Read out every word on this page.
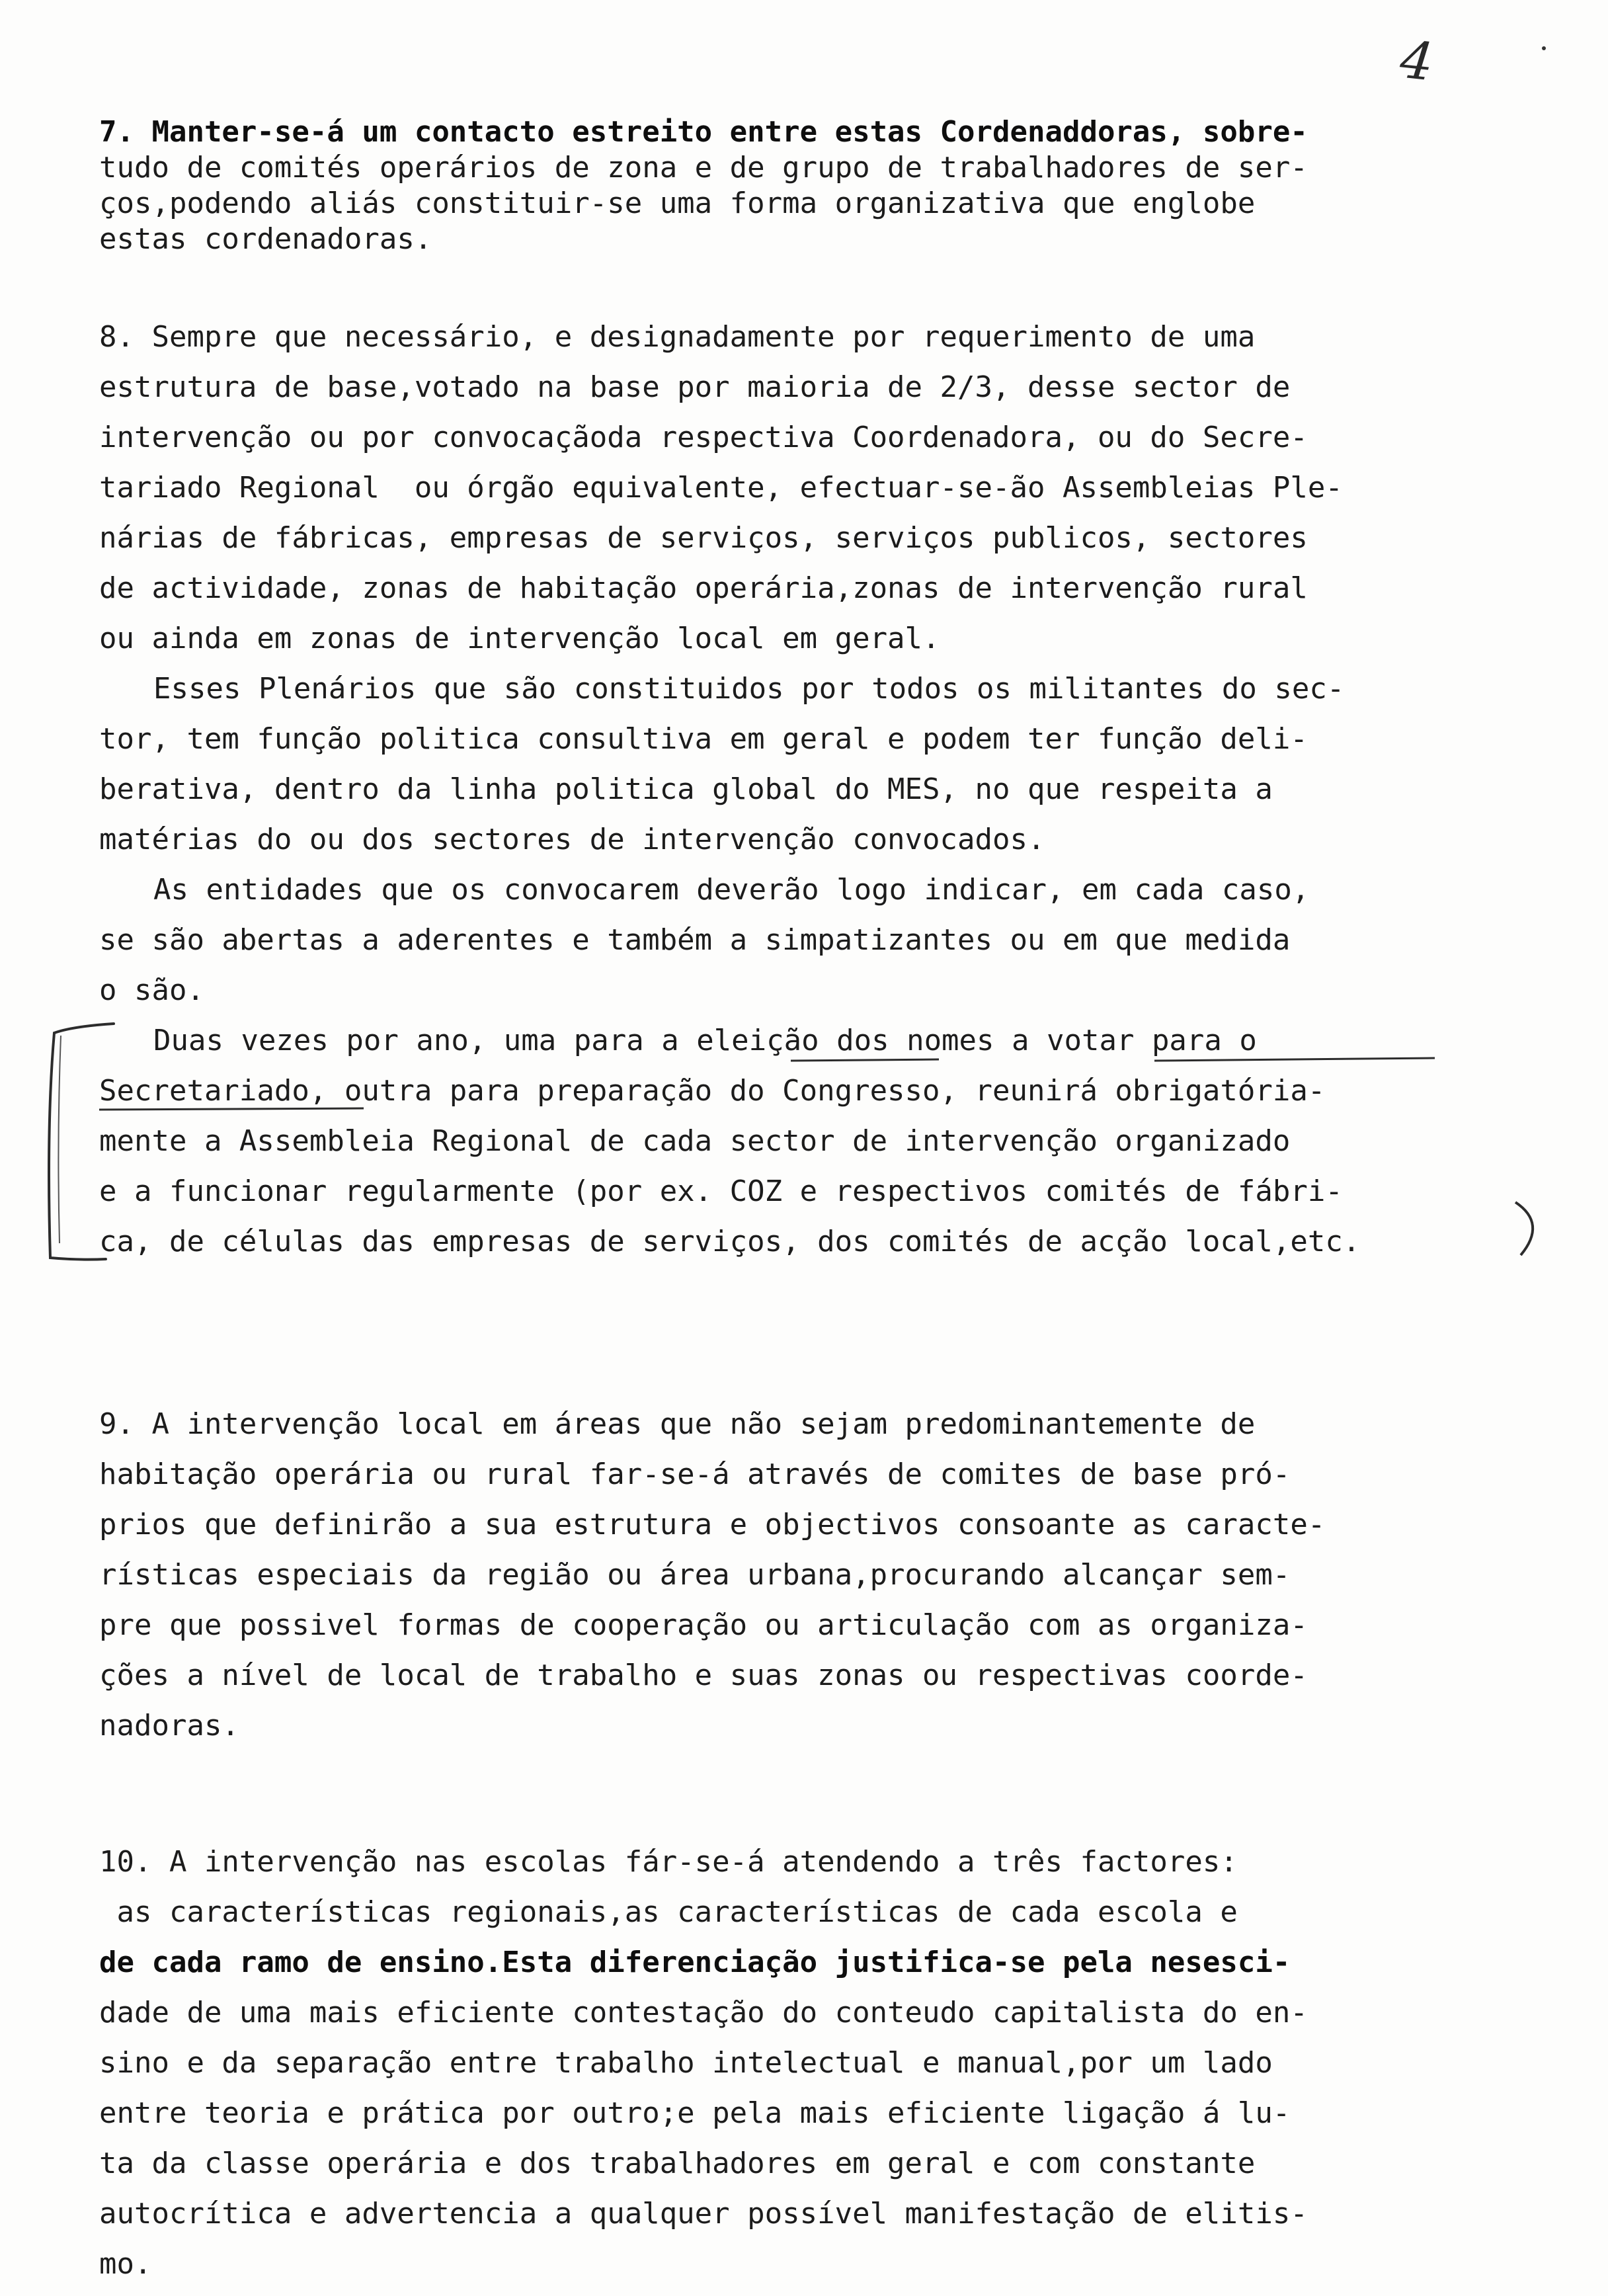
4
7. Manter-se-á um contacto estreito entre estas Cordenaddoras, sobre-
tudo de comités operários de zona e de grupo de trabalhadores de ser-
ços,podendo aliás constituir-se uma forma organizativa que englobe
estas cordenadoras.
8. Sempre que necessário, e designadamente por requerimento de uma
estrutura de base,votado na base por maioria de 2/3, desse sector de
intervenção ou por convocaçãoda respectiva Coordenadora, ou do Secre-
tariado Regional  ou órgão equivalente, efectuar-se-ão Assembleias Ple-
nárias de fábricas, empresas de serviços, serviços publicos, sectores
de actividade, zonas de habitação operária,zonas de intervenção rural
ou ainda em zonas de intervenção local em geral.
Esses Plenários que são constituidos por todos os militantes do sec-
tor, tem função politica consultiva em geral e podem ter função deli-
berativa, dentro da linha politica global do MES, no que respeita a
matérias do ou dos sectores de intervenção convocados.
As entidades que os convocarem deverão logo indicar, em cada caso,
se são abertas a aderentes e também a simpatizantes ou em que medida
o são.
Duas vezes por ano, uma para a eleição dos nomes a votar para o
Secretariado, outra para preparação do Congresso, reunirá obrigatória-
mente a Assembleia Regional de cada sector de intervenção organizado
e a funcionar regularmente (por ex. COZ e respectivos comités de fábri-
ca, de células das empresas de serviços, dos comités de acção local,etc.
9. A intervenção local em áreas que não sejam predominantemente de
habitação operária ou rural far-se-á através de comites de base pró-
prios que definirão a sua estrutura e objectivos consoante as caracte-
rísticas especiais da região ou área urbana,procurando alcançar sem-
pre que possivel formas de cooperação ou articulação com as organiza-
ções a nível de local de trabalho e suas zonas ou respectivas coorde-
nadoras.
10. A intervenção nas escolas fár-se-á atendendo a três factores:
as características regionais,as características de cada escola e
de cada ramo de ensino.Esta diferenciação justifica-se pela nesesci-
dade de uma mais eficiente contestação do conteudo capitalista do en-
sino e da separação entre trabalho intelectual e manual,por um lado
entre teoria e prática por outro;e pela mais eficiente ligação á lu-
ta da classe operária e dos trabalhadores em geral e com constante
autocrítica e advertencia a qualquer possível manifestação de elitis-
mo.
